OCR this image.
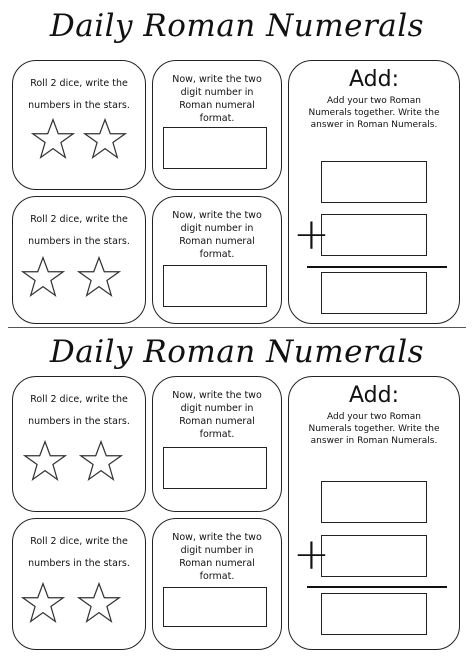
Daily Roman Numerals
Roll 2 dice, write the numbers in the stars.
Now, write the two digit number in Roman numeral format.
Roll 2 dice, write the numbers in the stars.
Now, write the two digit number in Roman numeral format.
Add:
Add your two Roman Numerals together. Write the answer in Roman Numerals.
+
Daily Roman Numerals
Roll 2 dice, write the numbers in the stars.
Now, write the two digit number in Roman numeral format.
Roll 2 dice, write the numbers in the stars.
Now, write the two digit number in Roman numeral format.
Add:
Add your two Roman Numerals together. Write the answer in Roman Numerals.
+
